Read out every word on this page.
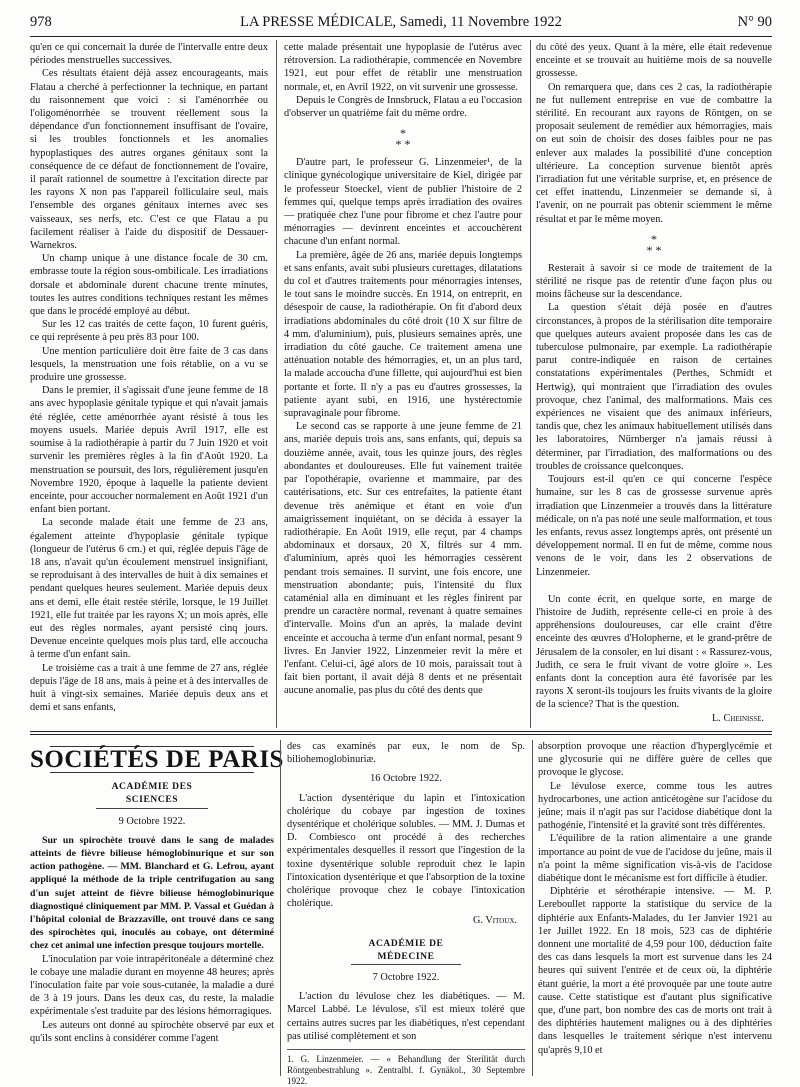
978	LA PRESSE MÉDICALE, Samedi, 11 Novembre 1922	N° 90

qu'en ce qui concernait la durée de l'intervalle entre deux périodes menstruelles successives.

Ces résultats étaient déjà assez encourageants, mais Flatau a cherché à perfectionner la technique, en partant du raisonnement que voici : si l'aménorrhée ou l'oligoménorrhée se trouvent réellement sous la dépendance d'un fonctionnement insuffisant de l'ovaire, si les troubles fonctionnels et les anomalies hypoplastiques des autres organes génitaux sont la conséquence de ce défaut de fonctionnement de l'ovaire, il paraît rationnel de soumettre à l'excitation directe par les rayons X non pas l'appareil folliculaire seul, mais l'ensemble des organes génitaux internes avec ses vaisseaux, ses nerfs, etc. C'est ce que Flatau a pu facilement réaliser à l'aide du dispositif de Dessauer-Warnekros.

Un champ unique à une distance focale de 30 cm. embrasse toute la région sous-ombilicale. Les irradiations dorsale et abdominale durent chacune trente minutes, toutes les autres conditions techniques restant les mêmes que dans le procédé employé au début.

Sur les 12 cas traités de cette façon, 10 furent guéris, ce qui représente à peu près 83 pour 100.

Une mention particulière doit être faite de 3 cas dans lesquels, la menstruation une fois rétablie, on a vu se produire une grossesse.

Dans le premier, il s'agissait d'une jeune femme de 18 ans avec hypoplasie génitale typique et qui n'avait jamais été réglée, cette aménorrhée ayant résisté à tous les moyens usuels. Mariée depuis Avril 1917, elle est soumise à la radiothérapie à partir du 7 Juin 1920 et voit survenir les premières règles à la fin d'Août 1920. La menstruation se poursuit, des lors, régulièrement jusqu'en Novembre 1920, époque à laquelle la patiente devient enceinte, pour accoucher normalement en Août 1921 d'un enfant bien portant.

La seconde malade était une femme de 23 ans, également atteinte d'hypoplasie génitale typique (longueur de l'utérus 6 cm.) et qui, réglée depuis l'âge de 18 ans, n'avait qu'un écoulement menstruel insignifiant, se reproduisant à des intervalles de huit à dix semaines et pendant quelques heures seulement. Mariée depuis deux ans et demi, elle était restée stérile, lorsque, le 19 Juillet 1921, elle fut traitée par les rayons X; un mois après, elle eut des règles normales, ayant persisté cinq jours. Devenue enceinte quelques mois plus tard, elle accoucha à terme d'un enfant sain.

Le troisième cas a trait à une femme de 27 ans, réglée depuis l'âge de 18 ans, mais à peine et à des intervalles de huit à vingt-six semaines. Mariée depuis deux ans et demi et sans enfants,

cette malade présentait une hypoplasie de l'utérus avec rétroversion. La radiothérapie, commencée en Novembre 1921, eut pour effet de rétablir une menstruation normale, et, en Avril 1922, on vit survenir une grossesse.

Depuis le Congrès de Innsbruck, Flatau a eu l'occasion d'observer un quatrième fait du même ordre.

*
* *

D'autre part, le professeur G. Linzenmeier¹, de la clinique gynécologique universitaire de Kiel, dirigée par le professeur Stoeckel, vient de publier l'histoire de 2 femmes qui, quelque temps après irradiation des ovaires — pratiquée chez l'une pour fibrome et chez l'autre pour ménorragies — devinrent enceintes et accouchèrent chacune d'un enfant normal.

La première, âgée de 26 ans, mariée depuis longtemps et sans enfants, avait subi plusieurs curettages, dilatations du col et d'autres traitements pour ménorragies intenses, le tout sans le moindre succès. En 1914, on entreprit, en désespoir de cause, la radiothérapie. On fit d'abord deux irradiations abdominales du côté droit (10 X sur filtre de 4 mm. d'aluminium), puis, plusieurs semaines après, une irradiation du côté gauche. Ce traitement amena une atténuation notable des hémorragies, et, un an plus tard, la malade accoucha d'une fillette, qui aujourd'hui est bien portante et forte. Il n'y a pas eu d'autres grossesses, la patiente ayant subi, en 1916, une hystérectomie supravaginale pour fibrome.

Le second cas se rapporte à une jeune femme de 21 ans, mariée depuis trois ans, sans enfants, qui, depuis sa douzième année, avait, tous les quinze jours, des règles abondantes et douloureuses. Elle fut vainement traitée par l'opothérapie, ovarienne et mammaire, par des cautérisations, etc. Sur ces entrefaites, la patiente étant devenue très anémique et étant en voie d'un amaigrissement inquiétant, on se décida à essayer la radiothérapie. En Août 1919, elle reçut, par 4 champs abdominaux et dorsaux, 20 X, filtrés sur 4 mm. d'aluminium, après quoi les hémorragies cessèrent pendant trois semaines. Il survint, une fois encore, une menstruation abondante; puis, l'intensité du flux cataménial alla en diminuant et les règles finirent par prendre un caractère normal, revenant à quatre semaines d'intervalle. Moins d'un an après, la malade devint enceinte et accoucha à terme d'un enfant normal, pesant 9 livres. En Janvier 1922, Linzenmeier revit la mère et l'enfant. Celui-ci, âgé alors de 10 mois, paraissait tout à fait bien portant, il avait déjà 8 dents et ne présentait aucune anomalie, pas plus du côté des dents que

du côté des yeux. Quant à la mère, elle était redevenue enceinte et se trouvait au huitième mois de sa nouvelle grossesse.

On remarquera que, dans ces 2 cas, la radiothérapie ne fut nullement entreprise en vue de combattre la stérilité. En recourant aux rayons de Röntgen, on se proposait seulement de remédier aux hémorragies, mais on eut soin de choisir des doses faibles pour ne pas enlever aux malades la possibilité d'une conception ultérieure. La conception survenue bientôt après l'irradiation fut une véritable surprise, et, en présence de cet effet inattendu, Linzenmeier se demande si, à l'avenir, on ne pourrait pas obtenir sciemment le même résultat et par le même moyen.

*
* *

Resterait à savoir si ce mode de traitement de la stérilité ne risque pas de retentir d'une façon plus ou moins fâcheuse sur la descendance.

La question s'était déjà posée en d'autres circonstances, à propos de la stérilisation dite temporaire que quelques auteurs avaient proposée dans les cas de tuberculose pulmonaire, par exemple. La radiothérapie parut contre-indiquée en raison de certaines constatations expérimentales (Perthes, Schmidt et Hertwig), qui montraient que l'irradiation des ovules provoque, chez l'animal, des malformations. Mais ces expériences ne visaient que des animaux inférieurs, tandis que, chez les animaux habituellement utilisés dans les laboratoires, Nürnberger n'a jamais réussi à déterminer, par l'irradiation, des malformations ou des troubles de croissance quelconques.

Toujours est-il qu'en ce qui concerne l'espèce humaine, sur les 8 cas de grossesse survenue après irradiation que Linzenmeier a trouvés dans la littérature médicale, on n'a pas noté une seule malformation, et tous les enfants, revus assez longtemps après, ont présenté un développement normal. Il en fut de même, comme nous venons de le voir, dans les 2 observations de Linzenmeier.

Un conte écrit, en quelque sorte, en marge de l'histoire de Judith, représente celle-ci en proie à des appréhensions douloureuses, car elle craint d'être enceinte des œuvres d'Holopherne, et le grand-prêtre de Jérusalem de la consoler, en lui disant : « Rassurez-vous, Judith, ce sera le fruit vivant de votre gloire ». Les enfants dont la conception aura été favorisée par les rayons X seront-ils toujours les fruits vivants de la gloire de la science? That is the question.

L. Cheinisse.

SOCIÉTÉS DE PARIS
ACADÉMIE DES SCIENCES
9 Octobre 1922.

Sur un spirochète trouvé dans le sang de malades atteints de fièvre bilieuse hémoglobinurique et sur son action pathogène. — MM. Blanchard et G. Lefrou, ayant appliqué la méthode de la triple centrifugation au sang d'un sujet atteint de fièvre bilieuse hémoglobinurique diagnostiqué cliniquement par MM. P. Vassal et Guédan à l'hôpital colonial de Brazzaville, ont trouvé dans ce sang des spirochètes qui, inoculés au cobaye, ont déterminé chez cet animal une infection presque toujours mortelle.

L'inoculation par voie intrapéritonéale a déterminé chez le cobaye une maladie durant en moyenne 48 heures; après l'inoculation faite par voie sous-cutanée, la maladie a duré de 3 à 19 jours. Dans les deux cas, du reste, la maladie expérimentale s'est traduite par des lésions hémorragiques.

Les auteurs ont donné au spirochète observé par eux et qu'ils sont enclins à considérer comme l'agent

des cas examinés par eux, le nom de Sp. biliohemoglobinuriæ.

16 Octobre 1922.

L'action dysentérique du lapin et l'intoxication cholérique du cobaye par ingestion de toxines dysentérique et cholérique solubles. — MM. J. Dumas et D. Combiesco ont procédé à des recherches expérimentales desquelles il ressort que l'ingestion de la toxine dysentérique soluble reproduit chez le lapin l'intoxication dysentérique et que l'absorption de la toxine cholérique provoque chez le cobaye l'intoxication cholérique.

G. Vitoux.

ACADÉMIE DE MÉDECINE
7 Octobre 1922.

L'action du lévulose chez les diabétiques. — M. Marcel Labbé. Le lévulose, s'il est mieux toléré que certains autres sucres par les diabétiques, n'est cependant pas utilisé complètement et son

1. G. Linzenmeier. — « Behandlung der Sterilität durch Röntgenbestrahlung ». Zentralbl. f. Gynäkol., 30 Septembre 1922.

absorption provoque une réaction d'hyperglycémie et une glycosurie qui ne diffère guère de celles que provoque le glycose.

Le lévulose exerce, comme tous les autres hydrocarbones, une action anticétogène sur l'acidose du jeûne; mais il n'agit pas sur l'acidose diabétique dont la pathogénie, l'intensité et la gravité sont très différentes.

L'équilibre de la ration alimentaire a une grande importance au point de vue de l'acidose du jeûne, mais il n'a point la même signification vis-à-vis de l'acidose diabétique dont le mécanisme est fort difficile à étudier.

Diphtérie et sérothérapie intensive. — M. P. Lereboullet rapporte la statistique du service de la diphtérie aux Enfants-Malades, du 1er Janvier 1921 au 1er Juillet 1922. En 18 mois, 523 cas de diphtérie donnent une mortalité de 4,59 pour 100, déduction faite des cas dans lesquels la mort est survenue dans les 24 heures qui suivent l'entrée et de ceux où, la diphtérie étant guérie, la mort a été provoquée par une toute autre cause. Cette statistique est d'autant plus significative que, d'une part, bon nombre des cas de morts ont trait à des diphtéries hautement malignes ou à des diphtéries dans lesquelles le traitement sérique n'est intervenu qu'après 9,10 et
